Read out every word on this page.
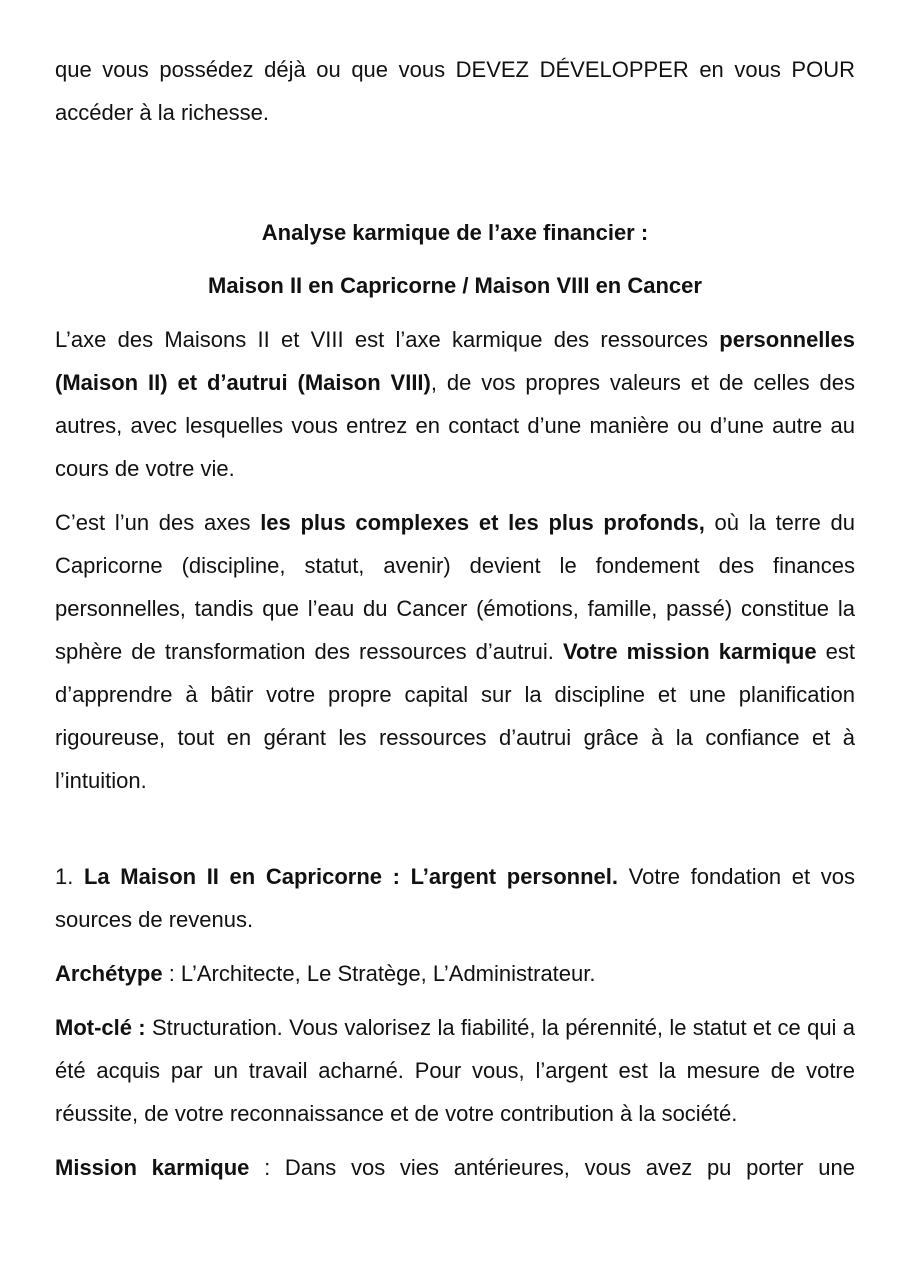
que vous possédez déjà ou que vous DEVEZ DÉVELOPPER en vous POUR accéder à la richesse.

Analyse karmique de l’axe financier :

Maison II en Capricorne / Maison VIII en Cancer

L’axe des Maisons II et VIII est l’axe karmique des ressources personnelles (Maison II) et d’autrui (Maison VIII), de vos propres valeurs et de celles des autres, avec lesquelles vous entrez en contact d’une manière ou d’une autre au cours de votre vie.

C’est l’un des axes les plus complexes et les plus profonds, où la terre du Capricorne (discipline, statut, avenir) devient le fondement des finances personnelles, tandis que l’eau du Cancer (émotions, famille, passé) constitue la sphère de transformation des ressources d’autrui. Votre mission karmique est d’apprendre à bâtir votre propre capital sur la discipline et une planification rigoureuse, tout en gérant les ressources d’autrui grâce à la confiance et à l’intuition.

1. La Maison II en Capricorne : L’argent personnel. Votre fondation et vos sources de revenus.

Archétype : L’Architecte, Le Stratège, L’Administrateur.

Mot-clé : Structuration. Vous valorisez la fiabilité, la pérennité, le statut et ce qui a été acquis par un travail acharné. Pour vous, l’argent est la mesure de votre réussite, de votre reconnaissance et de votre contribution à la société.

Mission karmique : Dans vos vies antérieures, vous avez pu porter une
